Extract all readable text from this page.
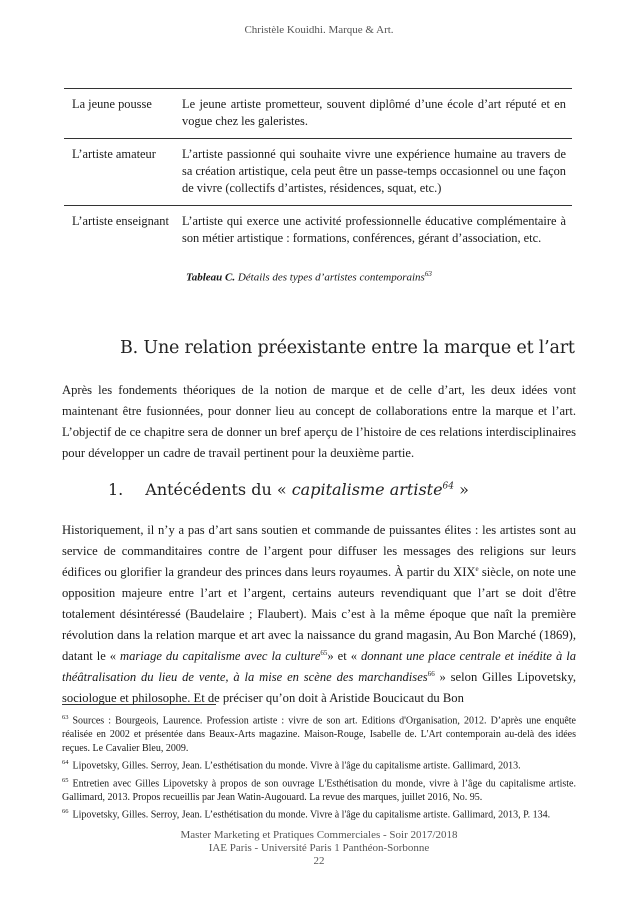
Christèle Kouidhi. Marque & Art.
La jeune pousse	Le jeune artiste prometteur, souvent diplômé d’une école d’art réputé et en vogue chez les galeristes.
L’artiste amateur	L’artiste passionné qui souhaite vivre une expérience humaine au travers de sa création artistique, cela peut être un passe-temps occasionnel ou une façon de vivre (collectifs d’artistes, résidences, squat, etc.)
L’artiste enseignant	L’artiste qui exerce une activité professionnelle éducative complémentaire à son métier artistique : formations, conférences, gérant d’association, etc.
Tableau C. Détails des types d’artistes contemporains$^{63}$
B. Une relation préexistante entre la marque et l’art
Après les fondements théoriques de la notion de marque et de celle d’art, les deux idées vont maintenant être fusionnées, pour donner lieu au concept de collaborations entre la marque et l’art. L’objectif de ce chapitre sera de donner un bref aperçu de l’histoire de ces relations interdisciplinaires pour développer un cadre de travail pertinent pour la deuxième partie.
1. Antécédents du « capitalisme artiste$^{64}$ »
Historiquement, il n’y a pas d’art sans soutien et commande de puissantes élites : les artistes sont au service de commanditaires contre de l’argent pour diffuser les messages des religions sur leurs édifices ou glorifier la grandeur des princes dans leurs royaumes. À partir du XIXe siècle, on note une opposition majeure entre l’art et l’argent, certains auteurs revendiquant que l’art se doit d'être totalement désintéressé (Baudelaire ; Flaubert). Mais c’est à la même époque que naît la première révolution dans la relation marque et art avec la naissance du grand magasin, Au Bon Marché (1869), datant le « mariage du capitalisme avec la culture$^{65}$» et « donnant une place centrale et inédite à la théâtralisation du lieu de vente, à la mise en scène des marchandises$^{66}$ » selon Gilles Lipovetsky, sociologue et philosophe. Et de préciser qu’on doit à Aristide Boucicaut du Bon

$^{63}$ Sources : Bourgeois, Laurence. Profession artiste : vivre de son art. Editions d'Organisation, 2012. D’après une enquête réalisée en 2002 et présentée dans Beaux-Arts magazine. Maison-Rouge, Isabelle de. L'Art contemporain au-delà des idées reçues. Le Cavalier Bleu, 2009.

$^{64}$ Lipovetsky, Gilles. Serroy, Jean. L’esthétisation du monde. Vivre à l'âge du capitalisme artiste. Gallimard, 2013.

$^{65}$ Entretien avec Gilles Lipovetsky à propos de son ouvrage L'Esthétisation du monde, vivre à l’âge du capitalisme artiste. Gallimard, 2013. Propos recueillis par Jean Watin-Augouard. La revue des marques, juillet 2016, No. 95.

$^{66}$ Lipovetsky, Gilles. Serroy, Jean. L’esthétisation du monde. Vivre à l'âge du capitalisme artiste. Gallimard, 2013, P. 134.

Master Marketing et Pratiques Commerciales - Soir 2017/2018
IAE Paris - Université Paris 1 Panthéon-Sorbonne
22
